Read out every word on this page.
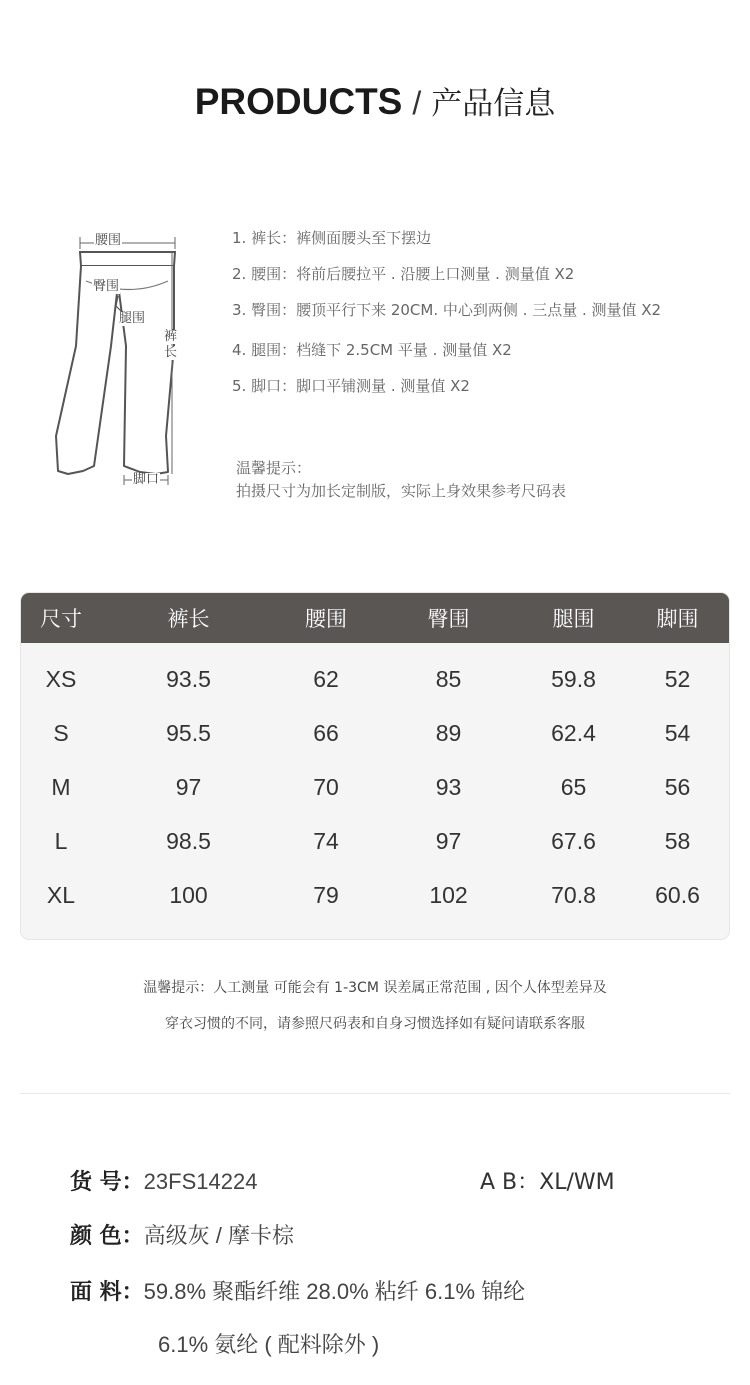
PRODUCTS / 产品信息
腰围
臀围
腿围
裤
长
脚口
1. 裤长：裤侧面腰头至下摆边
2. 腰围：将前后腰拉平 . 沿腰上口测量 . 测量值 X2
3. 臀围：腰顶平行下来 20CM. 中心到两侧 . 三点量 . 测量值 X2
4. 腿围：档缝下 2.5CM 平量 . 测量值 X2
5. 脚口：脚口平铺测量 . 测量值 X2
温馨提示：
拍摄尺寸为加长定制版，实际上身效果参考尺码表
尺寸	裤长	腰围	臀围	腿围	脚围
XS	93.5	62	85	59.8	52
S	95.5	66	89	62.4	54
M	97	70	93	65	56
L	98.5	74	97	67.6	58
XL	100	79	102	70.8	60.6
温馨提示：人工测量 可能会有 1-3CM 误差属正常范围 , 因个人体型差异及
穿衣习惯的不同，请参照尺码表和自身习惯选择如有疑问请联系客服
货 号：23FS14224	A B：XL/WM
颜 色：高级灰 / 摩卡棕
面 料：59.8% 聚酯纤维 28.0% 粘纤 6.1% 锦纶
6.1% 氨纶 ( 配料除外 )
